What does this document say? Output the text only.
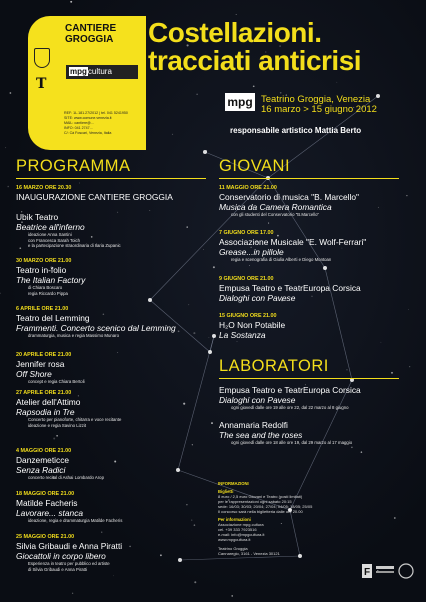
CANTIERE
GROGGIA
T
mpgcultura
REF: 1L.181.27/2012 | tel. 041 5241950
SITE: www.comune.venezia.it
MAIL: cantiere@...
INFO: 041 2747...
C/: Cà Foscari, Venezia, Italia
Costellazioni.
tracciati anticrisi
mpg Teatrino Groggia, Venezia
16 marzo > 15 giugno 2012
responsabile artistico Mattia Berto
PROGRAMMA	GIOVANI
LABORATORI
16 MARZO ORE 20.30
INAUGURAZIONE CANTIERE GROGGIA
Ubik Teatro
Beatrice all'inferno
ideazione Anna Santini
con Francesca Sarah Toich
e la partecipazione straordinaria di Ilaria Zupanic
30 MARZO ORE 21.00
Teatro in-folio
The Italian Factory
di Chiara Boscaro
regia Riccardo Pippa
6 APRILE ORE 21.00
Teatro del Lemming
Frammenti. Concerto scenico dal Lemming
drammaturgia, musica e regia Massimo Munaro
20 APRILE ORE 21.00
Jennifer rosa
Off Shore
concept e regia Chiara Bertoli
27 APRILE ORE 21.00
Atelier dell'Attimo
Rapsodia in Tre
Concerto per pianoforte, chitarra e voce recitante
ideazione e regia Savino Lizzit
4 MAGGIO ORE 21.00
Danzemeticce
Senza Radici
concerto recital di Ashai Lombardo Arop
18 MAGGIO ORE 21.00
Matilde Facheris
Lavorare... stanca
ideazione, regia e drammaturgia Matilde Facheris
25 MAGGIO ORE 21.00
Silvia Gribaudi e Anna Piratti
Giocattoli in corpo libero
Esperienza in teatro per pubblico ed artiste
di Silvia Gribaudi e Anna Piratti
11 MAGGIO ORE 21.00
Conservatorio di musica "B. Marcello"
Musica da Camera Romantica
con gli studenti del Conservatorio "B.Marcello"
7 GIUGNO ORE 17.00
Associazione Musicale "E. Wolf-Ferrari"
Grease...in pillole
regia e scenografia di Giulia Alberti e Diego Montoan
9 GIUGNO ORE 21.00
Empusa Teatro e TeatrEuropa Corsica
Dialoghi con Pavese
15 GIUGNO ORE 21.00
H₂O Non Potabile
La Sostanza
Empusa Teatro e TeatrEuropa Corsica
Dialoghi con Pavese
ogni giovedì dalle ore 19 alle ore 22, dal 22 marzo al 8 giugno
Annamaria Redolfi
The sea and the roses
ogni giovedì dalle ore 18 alle ore 19, dal 29 marzo al 17 maggio
INFORMAZIONI
Biglietti
8 euro / 2,5 euro Giovani e Teatro (posti limitati)
per le rappresentazioni ogni sabato 20:15
sede: 16/03; 30/03; 20/04; 27/04; 04/05; 18/05; 25/05
Il concorso sarà nella biglietteria dalle ore 20.00
Per informazioni
Associazione mpg.cultura
cel. +39 333 7923516
e-mail: info@mpgcultura.it
www.mpgcultura.it
Teatrino Groggia
Cannaregio, 3161 - Venezia 30121
F
